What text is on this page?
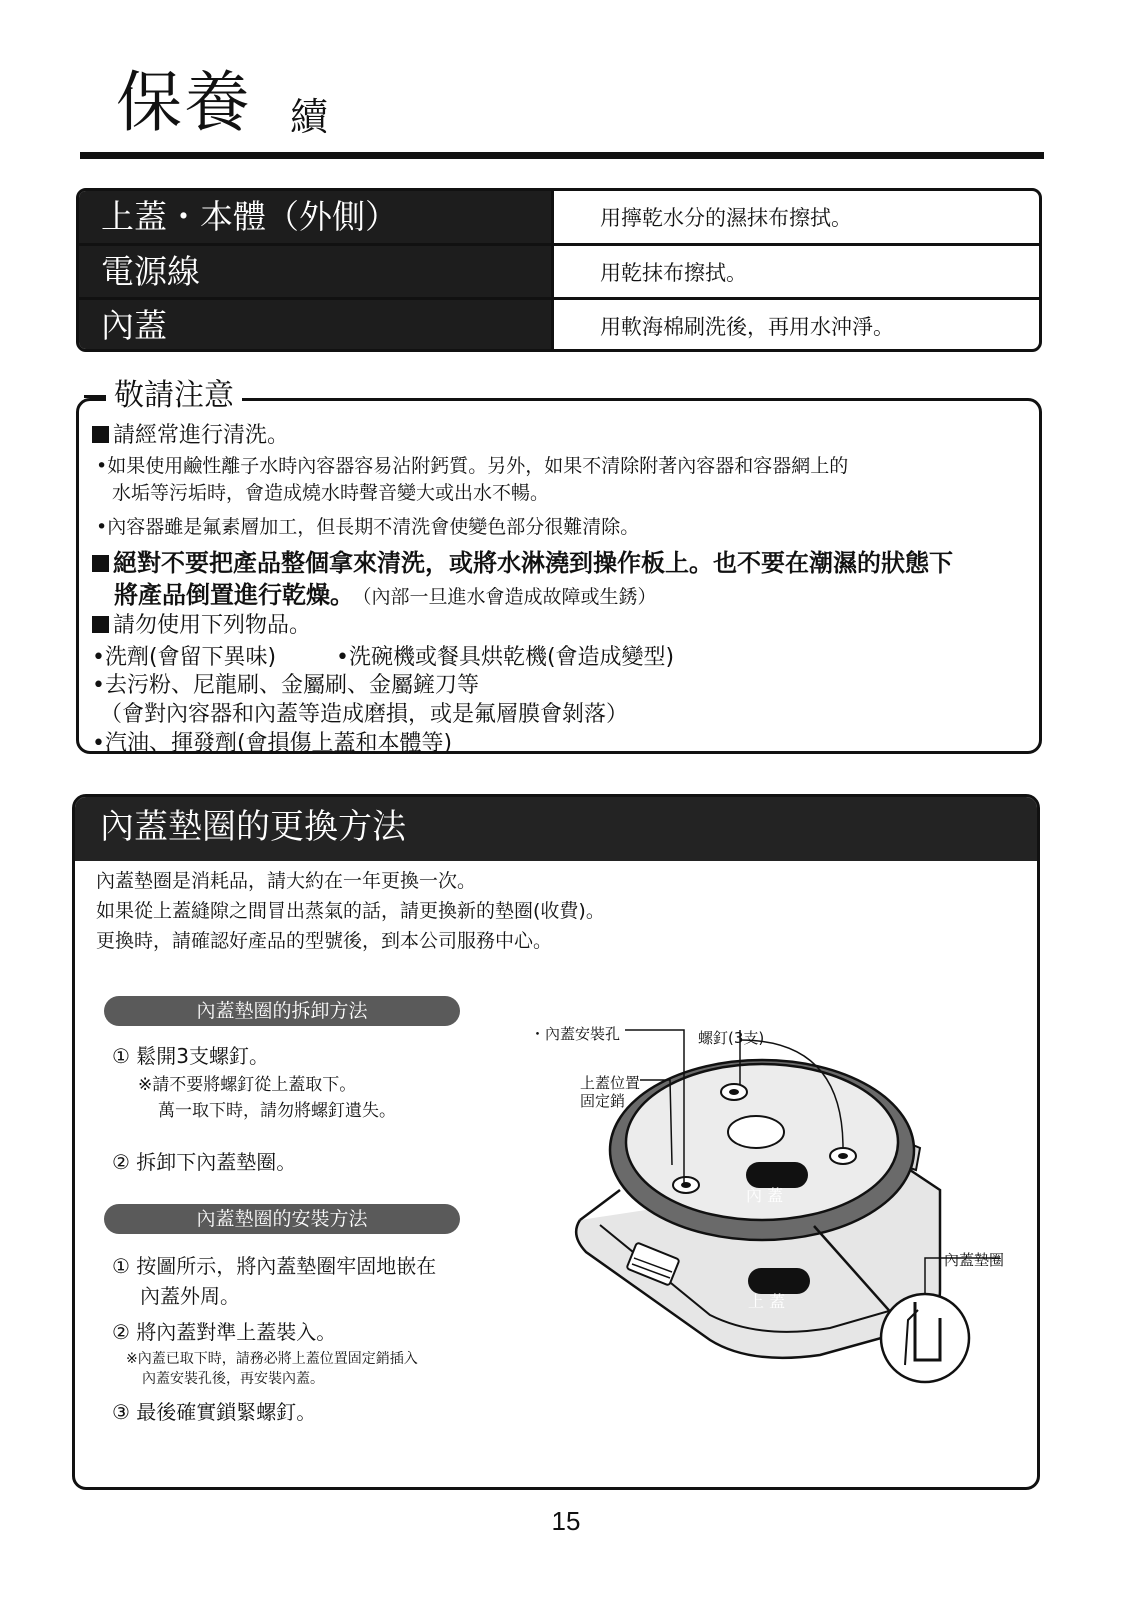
保養 續
上蓋・本體（外側）	用擰乾水分的濕抹布擦拭。
電源線	用乾抹布擦拭。
內蓋	用軟海棉刷洗後，再用水沖淨。
敬請注意
請經常進行清洗。
•如果使用鹼性離子水時內容器容易沾附鈣質。另外，如果不清除附著內容器和容器網上的
水垢等污垢時，會造成燒水時聲音變大或出水不暢。
•內容器雖是氟素層加工，但長期不清洗會使變色部分很難清除。
絕對不要把產品整個拿來清洗，或將水淋澆到操作板上。也不要在潮濕的狀態下
將產品倒置進行乾燥。 （內部一旦進水會造成故障或生銹）
請勿使用下列物品。
•洗劑(會留下異味)	•洗碗機或餐具烘乾機(會造成變型)
•去污粉、尼龍刷、金屬刷、金屬鏟刀等
（會對內容器和內蓋等造成磨損，或是氟層膜會剝落）
•汽油、揮發劑(會損傷上蓋和本體等)
內蓋墊圈的更換方法
內蓋墊圈是消耗品，請大約在一年更換一次。
如果從上蓋縫隙之間冒出蒸氣的話，請更換新的墊圈(收費)。
更換時，請確認好產品的型號後，到本公司服務中心。
內蓋墊圈的拆卸方法
① 鬆開3支螺釘。
※請不要將螺釘從上蓋取下。
萬一取下時，請勿將螺釘遺失。
② 拆卸下內蓋墊圈。
內蓋墊圈的安裝方法
① 按圖所示，將內蓋墊圈牢固地嵌在
內蓋外周。
② 將內蓋對準上蓋裝入。
※內蓋已取下時，請務必將上蓋位置固定銷插入
內蓋安裝孔後，再安裝內蓋。
③ 最後確實鎖緊螺釘。
・內蓋安裝孔	螺釘(3支)
上蓋位置
固定銷
內 蓋
上 蓋
內蓋墊圈
15
